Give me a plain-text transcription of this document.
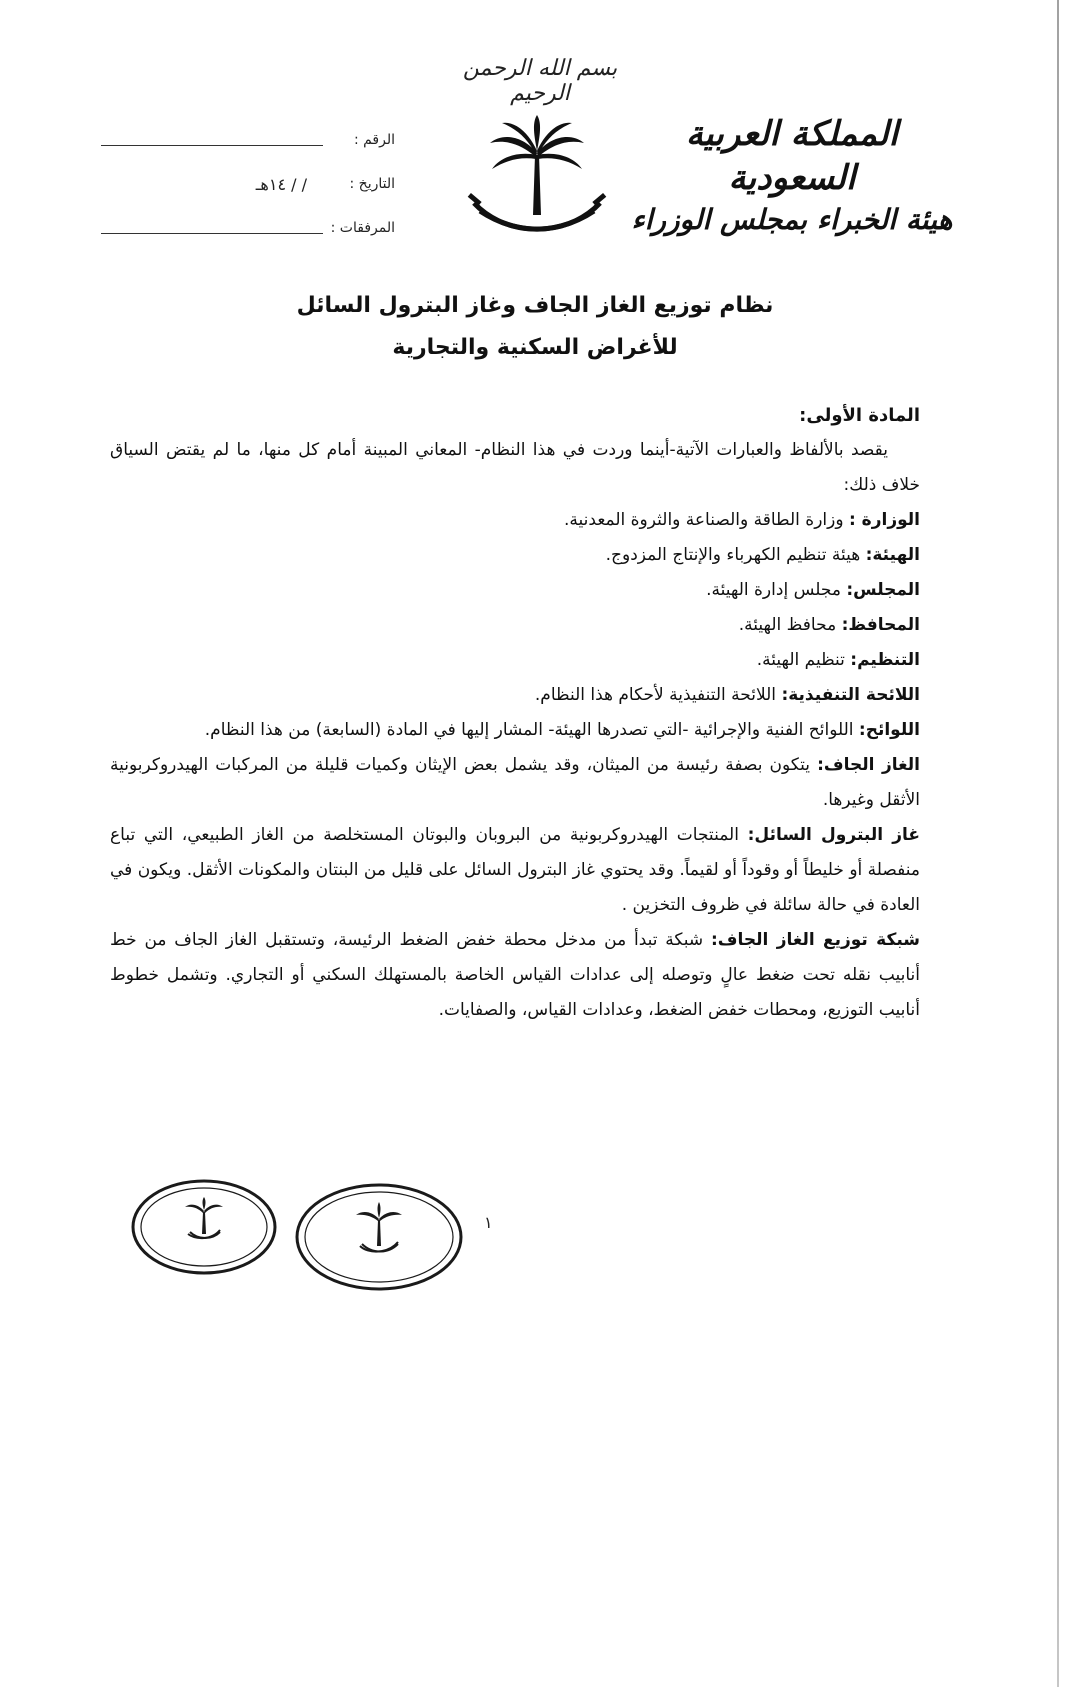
بسم الله الرحمن الرحيم
المملكة العربية السعودية
هيئة الخبراء بمجلس الوزراء
الرقم :
التاريخ :
/ / ١٤هـ
المرفقات :
نظام توزيع الغاز الجاف وغاز البترول السائل
للأغراض السكنية والتجارية

المادة الأولى:

يقصد بالألفاظ والعبارات الآتية-أينما وردت في هذا النظام- المعاني المبينة أمام كل منها، ما لم يقتض السياق خلاف ذلك:

الوزارة : وزارة الطاقة والصناعة والثروة المعدنية.

الهيئة: هيئة تنظيم الكهرباء والإنتاج المزدوج.

المجلس: مجلس إدارة الهيئة.

المحافظ: محافظ الهيئة.

التنظيم: تنظيم الهيئة.

اللائحة التنفيذية: اللائحة التنفيذية لأحكام هذا النظام.

اللوائح: اللوائح الفنية والإجرائية -التي تصدرها الهيئة- المشار إليها في المادة (السابعة) من هذا النظام.

الغاز الجاف: يتكون بصفة رئيسة من الميثان، وقد يشمل بعض الإيثان وكميات قليلة من المركبات الهيدروكربونية الأثقل وغيرها.

غاز البترول السائل: المنتجات الهيدروكربونية من البروبان والبوتان المستخلصة من الغاز الطبيعي، التي تباع منفصلة أو خليطاً أو وقوداً أو لقيماً. وقد يحتوي غاز البترول السائل على قليل من البنتان والمكونات الأثقل. ويكون في العادة في حالة سائلة في ظروف التخزين .

شبكة توزيع الغاز الجاف: شبكة تبدأ من مدخل محطة خفض الضغط الرئيسة، وتستقبل الغاز الجاف من خط أنابيب نقله تحت ضغط عالٍ وتوصله إلى عدادات القياس الخاصة بالمستهلك السكني أو التجاري. وتشمل خطوط أنابيب التوزيع، ومحطات خفض الضغط، وعدادات القياس، والصفايات.

١
